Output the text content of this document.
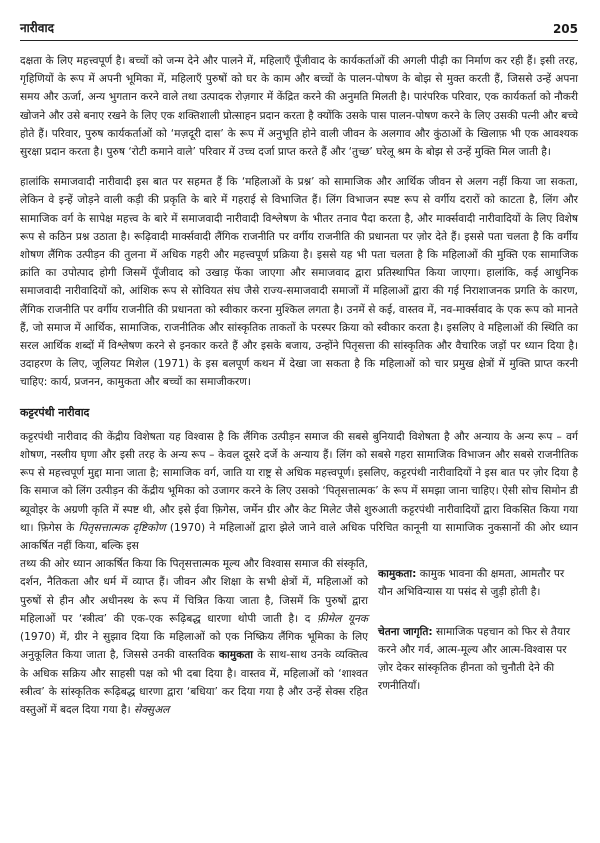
नारीवाद	205

दक्षता के लिए महत्त्वपूर्ण है। बच्चों को जन्म देने और पालने में, महिलाएँ पूँजीवाद के कार्यकर्ताओं की अगली पीढ़ी का निर्माण कर रही हैं। इसी तरह, गृहिणियों के रूप में अपनी भूमिका में, महिलाएँ पुरुषों को घर के काम और बच्चों के पालन-पोषण के बोझ से मुक्त करती हैं, जिससे उन्हें अपना समय और ऊर्जा, अन्य भुगतान करने वाले तथा उत्पादक रोज़गार में केंद्रित करने की अनुमति मिलती है। पारंपरिक परिवार, एक कार्यकर्ता को नौकरी खोजने और उसे बनाए रखने के लिए एक शक्तिशाली प्रोत्साहन प्रदान करता है क्योंकि उसके पास पालन-पोषण करने के लिए उसकी पत्नी और बच्चे होते हैं। परिवार, पुरुष कार्यकर्ताओं को ‘मज़दूरी दास’ के रूप में अनुभूति होने वाली जीवन के अलगाव और कुंठाओं के खिलाफ़ भी एक आवश्यक सुरक्षा प्रदान करता है। पुरुष ‘रोटी कमाने वाले’ परिवार में उच्च दर्जा प्राप्त करते हैं और ‘तुच्छ’ घरेलू श्रम के बोझ से उन्हें मुक्ति मिल जाती है।

हालांकि समाजवादी नारीवादी इस बात पर सहमत हैं कि ‘महिलाओं के प्रश्न’ को सामाजिक और आर्थिक जीवन से अलग नहीं किया जा सकता, लेकिन वे इन्हें जोड़ने वाली कड़ी की प्रकृति के बारे में गहराई से विभाजित हैं। लिंग विभाजन स्पष्ट रूप से वर्गीय दरारों को काटता है, लिंग और सामाजिक वर्ग के सापेक्ष महत्त्व के बारे में समाजवादी नारीवादी विश्लेषण के भीतर तनाव पैदा करता है, और मार्क्सवादी नारीवादियों के लिए विशेष रूप से कठिन प्रश्न उठाता है। रूढ़िवादी मार्क्सवादी लैंगिक राजनीति पर वर्गीय राजनीति की प्रधानता पर ज़ोर देते हैं। इससे पता चलता है कि वर्गीय शोषण लैंगिक उत्पीड़न की तुलना में अधिक गहरी और महत्त्वपूर्ण प्रक्रिया है। इससे यह भी पता चलता है कि महिलाओं की मुक्ति एक सामाजिक क्रांति का उपोत्पाद होगी जिसमें पूँजीवाद को उखाड़ फेंका जाएगा और समाजवाद द्वारा प्रतिस्थापित किया जाएगा। हालांकि, कई आधुनिक समाजवादी नारीवादियों को, आंशिक रूप से सोवियत संघ जैसे राज्य-समाजवादी समाजों में महिलाओं द्वारा की गई निराशाजनक प्रगति के कारण, लैंगिक राजनीति पर वर्गीय राजनीति की प्रधानता को स्वीकार करना मुश्किल लगता है। उनमें से कई, वास्तव में, नव-मार्क्सवाद के एक रूप को मानते हैं, जो समाज में आर्थिक, सामाजिक, राजनीतिक और सांस्कृतिक ताकतों के परस्पर क्रिया को स्वीकार करता है। इसलिए वे महिलाओं की स्थिति का सरल आर्थिक शब्दों में विश्लेषण करने से इनकार करते हैं और इसके बजाय, उन्होंने पितृसत्ता की सांस्कृतिक और वैचारिक जड़ों पर ध्यान दिया है। उदाहरण के लिए, जूलियट मिशेल (1971) के इस बलपूर्ण कथन में देखा जा सकता है कि महिलाओं को चार प्रमुख क्षेत्रों में मुक्ति प्राप्त करनी चाहिए: कार्य, प्रजनन, कामुकता और बच्चों का समाजीकरण।

कट्टरपंथी नारीवाद

कट्टरपंथी नारीवाद की केंद्रीय विशेषता यह विश्वास है कि लैंगिक उत्पीड़न समाज की सबसे बुनियादी विशेषता है और अन्याय के अन्य रूप – वर्ग शोषण, नस्लीय घृणा और इसी तरह के अन्य रूप – केवल दूसरे दर्जे के अन्याय हैं। लिंग को सबसे गहरा सामाजिक विभाजन और सबसे राजनीतिक रूप से महत्त्वपूर्ण मुद्दा माना जाता है; सामाजिक वर्ग, जाति या राष्ट्र से अधिक महत्त्वपूर्ण। इसलिए, कट्टरपंथी नारीवादियों ने इस बात पर ज़ोर दिया है कि समाज को लिंग उत्पीड़न की केंद्रीय भूमिका को उजागर करने के लिए उसको ‘पितृसत्तात्मक’ के रूप में समझा जाना चाहिए। ऐसी सोच सिमोन डी ब्यूवोइर के अग्रणी कृति में स्पष्ट थी, और इसे ईवा फ़िगेस, जर्मेन ग्रीर और केट मिलेट जैसे शुरुआती कट्टरपंथी नारीवादियों द्वारा विकसित किया गया था। फ़िगेस के पितृसत्तात्मक दृष्टिकोण (1970) ने महिलाओं द्वारा झेले जाने वाले अधिक परिचित कानूनी या सामाजिक नुकसानों की ओर ध्यान आकर्षित नहीं किया, बल्कि इस

तथ्य की ओर ध्यान आकर्षित किया कि पितृसत्तात्मक मूल्य और विश्वास समाज की संस्कृति, दर्शन, नैतिकता और धर्म में व्याप्त हैं। जीवन और शिक्षा के सभी क्षेत्रों में, महिलाओं को पुरुषों से हीन और अधीनस्थ के रूप में चित्रित किया जाता है, जिसमें कि पुरुषों द्वारा महिलाओं पर ‘स्त्रीत्व’ की एक-एक रूढ़िबद्ध धारणा थोपी जाती है। द फ़ीमेल यूनक (1970) में, ग्रीर ने सुझाव दिया कि महिलाओं को एक निष्क्रिय लैंगिक भूमिका के लिए अनुकूलित किया जाता है, जिससे उनकी वास्तविक कामुकता के साथ-साथ उनके व्यक्तित्व के अधिक सक्रिय और साहसी पक्ष को भी दबा दिया है। वास्तव में, महिलाओं को ‘शाश्वत स्त्रीत्व’ के सांस्कृतिक रूढ़िबद्ध धारणा द्वारा ‘बधिया’ कर दिया गया है और उन्हें सेक्स रहित वस्तुओं में बदल दिया गया है। सेक्सुअल

कामुकता: कामुक भावना की क्षमता, आमतौर पर यौन अभिविन्यास या पसंद से जुड़ी होती है।

चेतना जागृति: सामाजिक पहचान को फिर से तैयार करने और गर्व, आत्म-मूल्य और आत्म-विश्वास पर ज़ोर देकर सांस्कृतिक हीनता को चुनौती देने की रणनीतियाँ।
